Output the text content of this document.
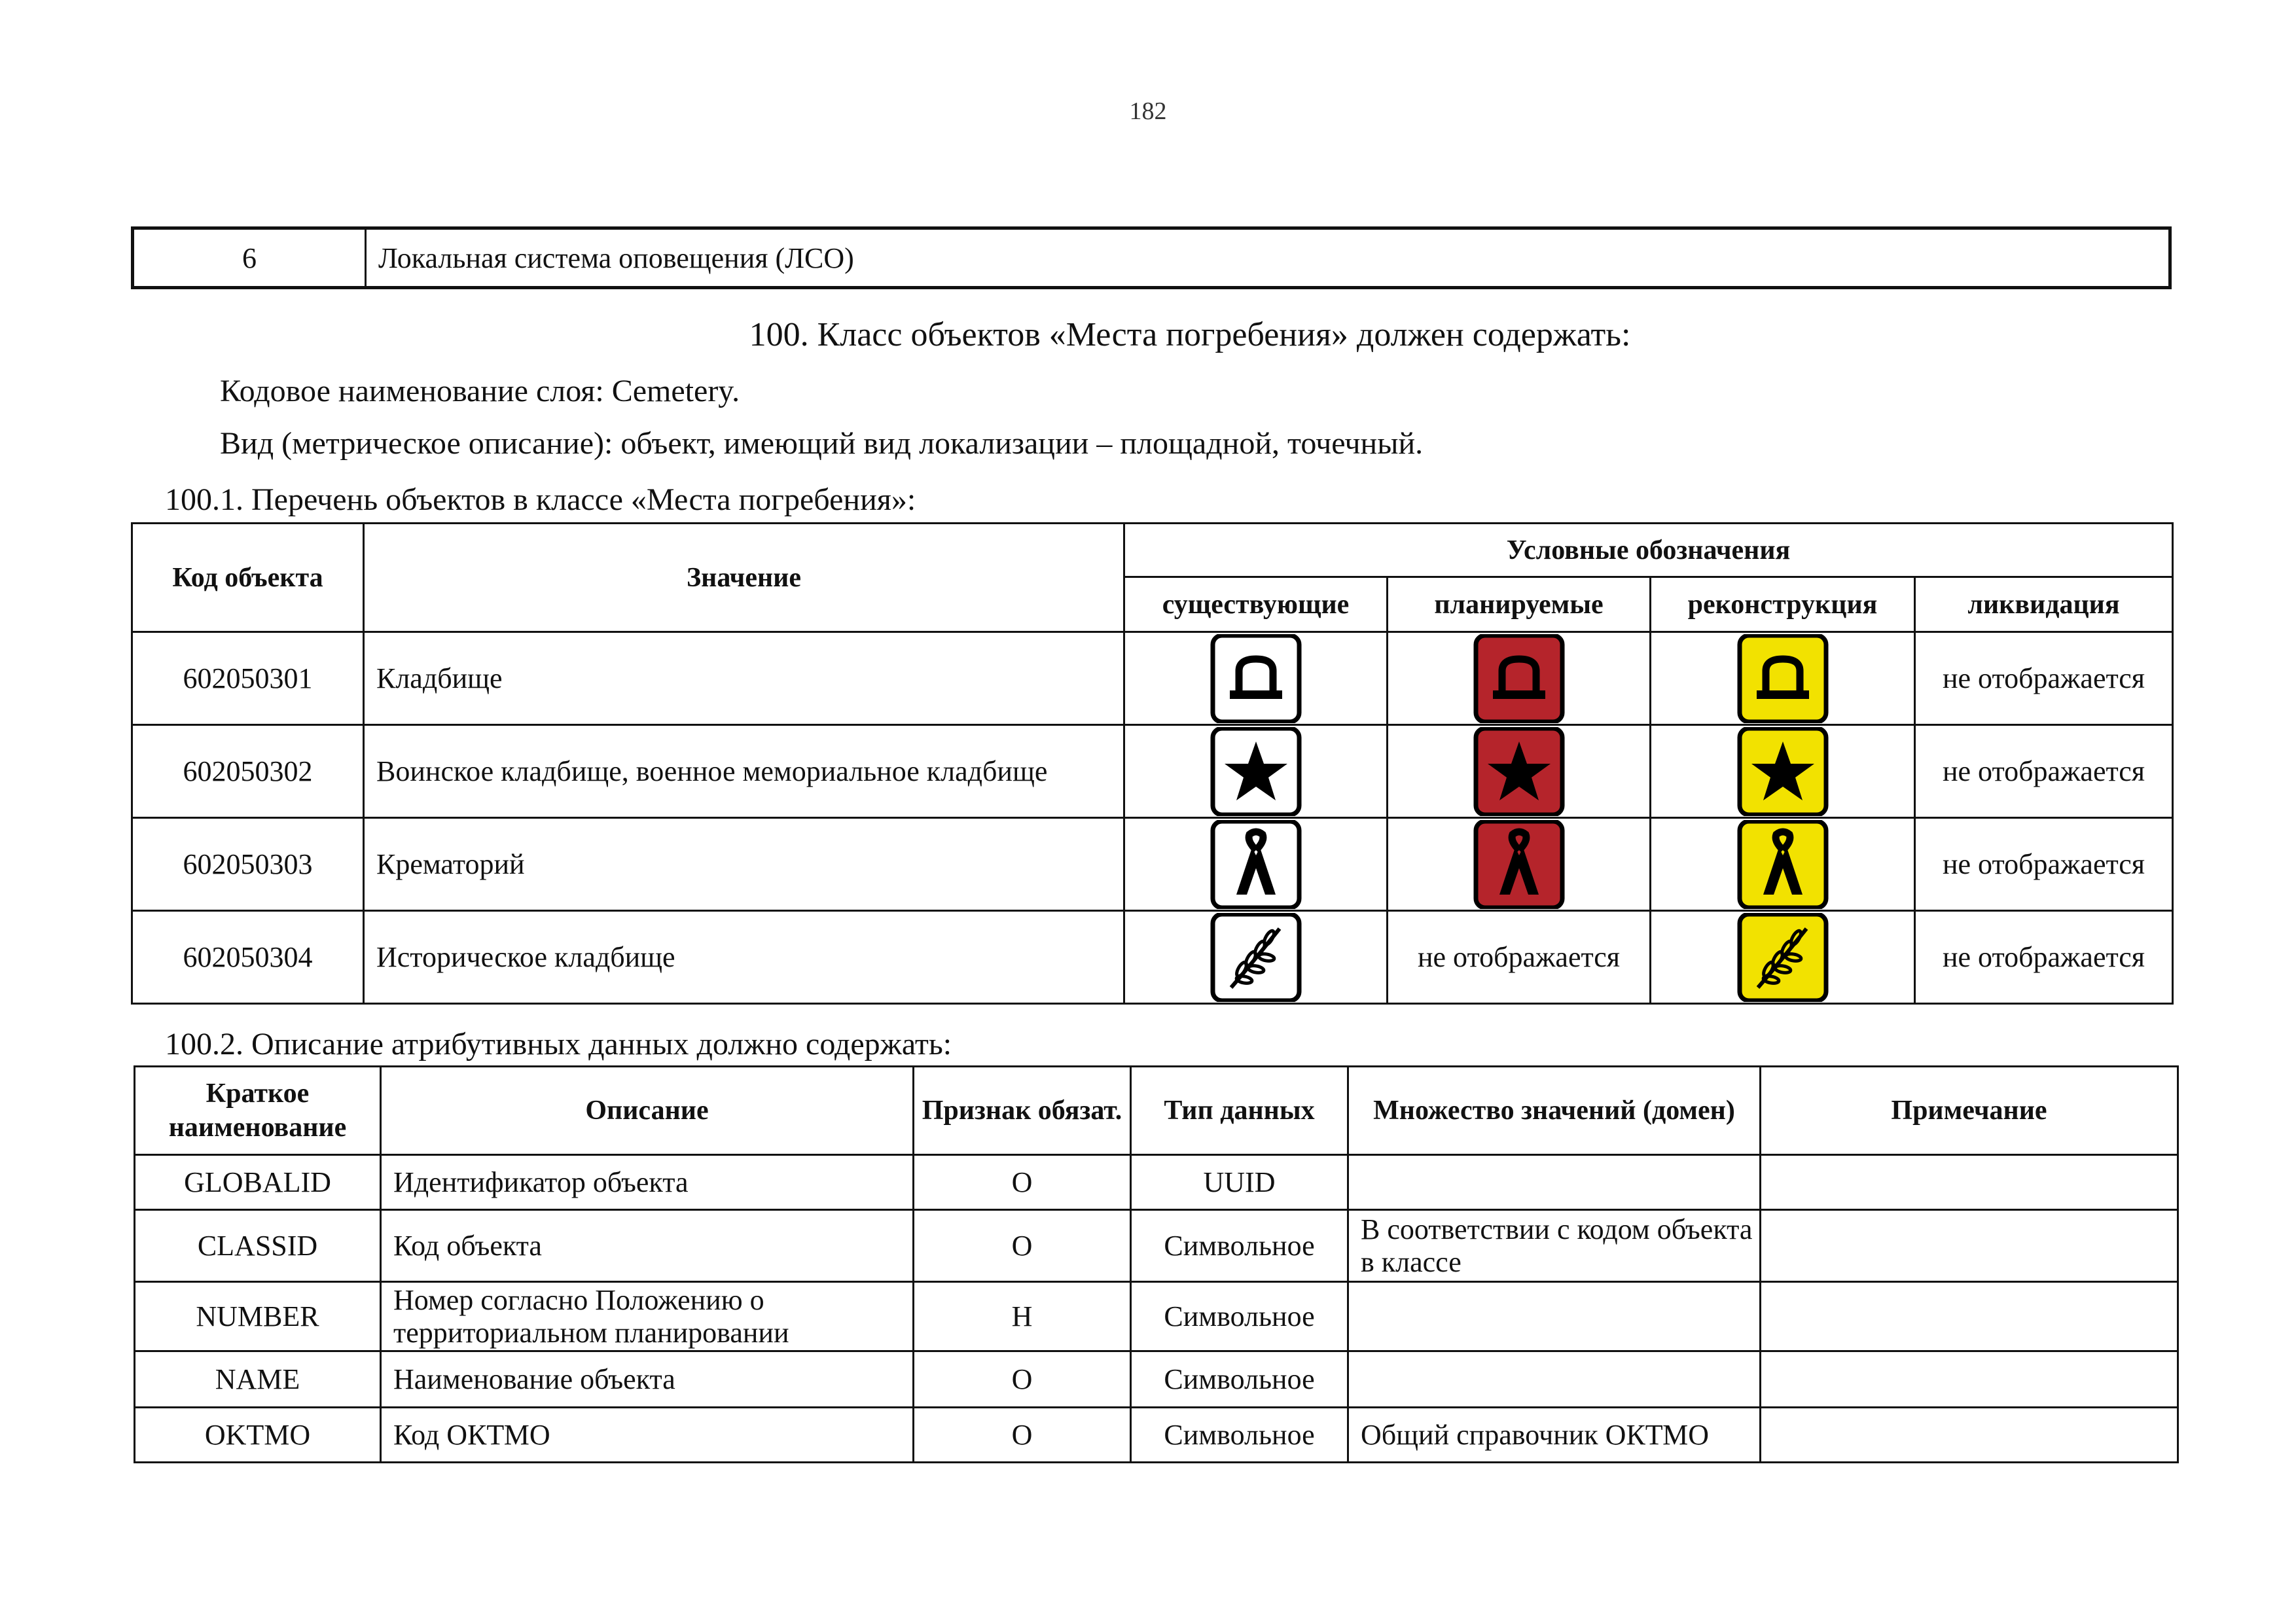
182
6	Локальная система оповещения (ЛСО)
100. Класс объектов «Места погребения» должен содержать:
Кодовое наименование слоя: Cemetery.
Вид (метрическое описание): объект, имеющий вид локализации – площадной, точечный.
100.1. Перечень объектов в классе «Места погребения»:
Код объекта	Значение	Условные обозначения			
		существующие	планируемые	реконструкция	ликвидация
602050301	Кладбище				не отображается
602050302	Воинское кладбище, военное мемориальное кладбище				не отображается
602050303	Крематорий				не отображается
602050304	Историческое кладбище		не отображается		не отображается
100.2. Описание атрибутивных данных должно содержать:
Краткое наименование	Описание	Признак обязат.	Тип данных	Множество значений (домен)	Примечание
GLOBALID	Идентификатор объекта	О	UUID		
CLASSID	Код объекта	О	Символьное	В соответствии с кодом объекта в классе	
NUMBER	Номер согласно Положению о территориальном планировании	Н	Символьное		
NAME	Наименование объекта	О	Символьное		
OKTMO	Код ОКТМО	О	Символьное	Общий справочник ОКТМО	
